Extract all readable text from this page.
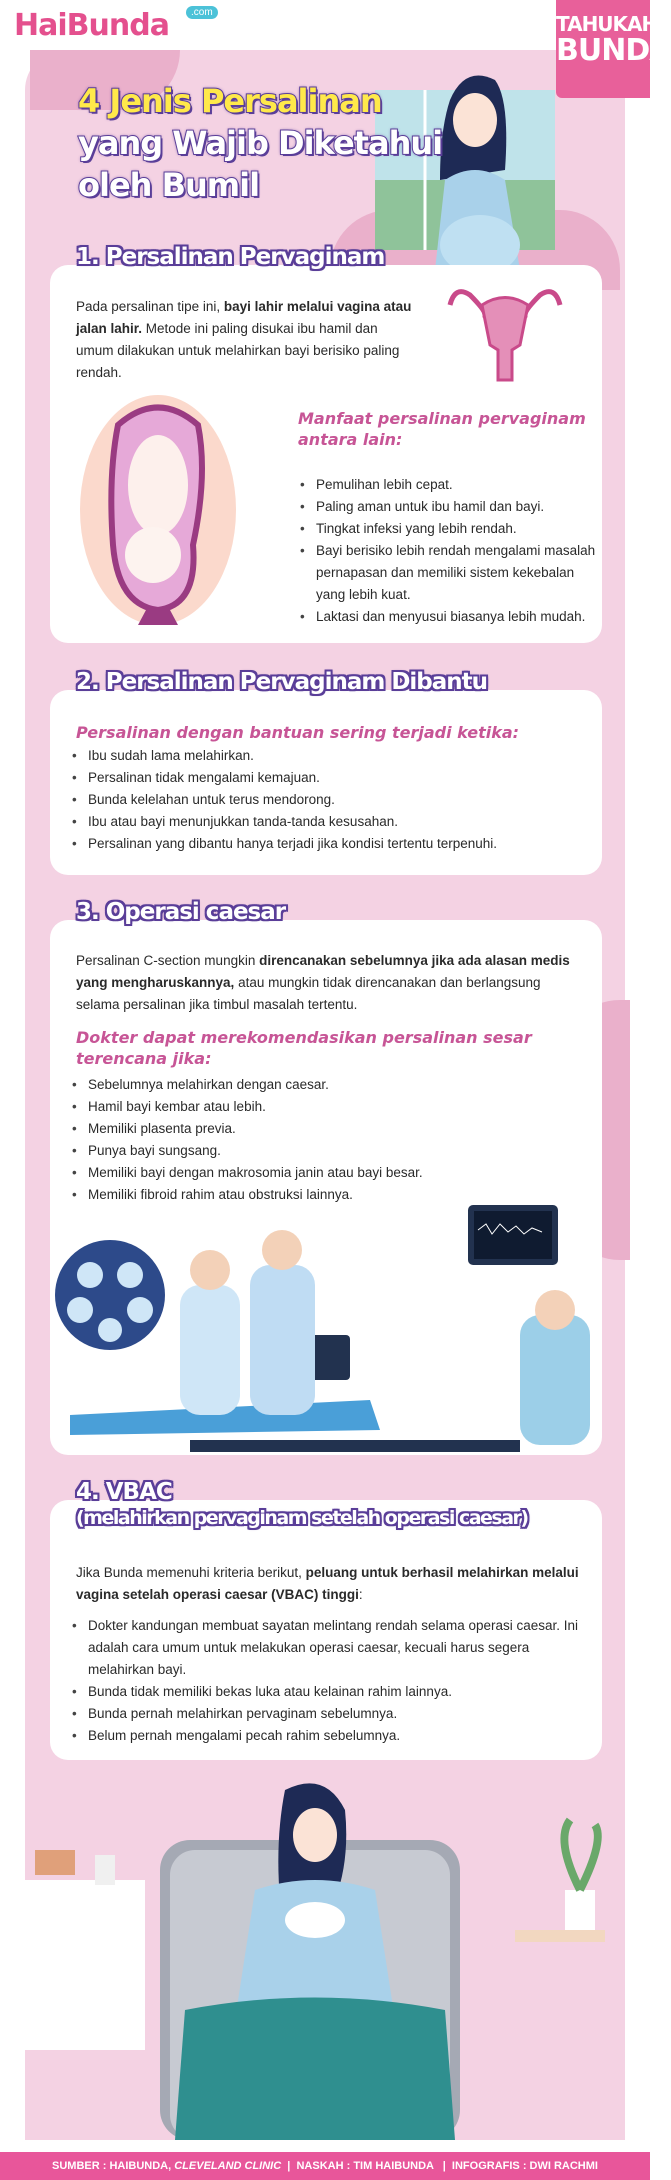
HaiBunda	.com	TAHUKAH
BUNDA
4 Jenis Persalinan
yang Wajib Diketahui
oleh Bumil
1. Persalinan Pervaginam

Pada persalinan tipe ini, bayi lahir melalui vagina atau jalan lahir. Metode ini paling disukai ibu hamil dan umum dilakukan untuk melahirkan bayi berisiko paling rendah.

Manfaat persalinan pervaginam antara lain:
• Pemulihan lebih cepat.
• Paling aman untuk ibu hamil dan bayi.
• Tingkat infeksi yang lebih rendah.
• Bayi berisiko lebih rendah mengalami masalah pernapasan dan memiliki sistem kekebalan yang lebih kuat.
• Laktasi dan menyusui biasanya lebih mudah.
2. Persalinan Pervaginam Dibantu
Persalinan dengan bantuan sering terjadi ketika:
• Ibu sudah lama melahirkan.
• Persalinan tidak mengalami kemajuan.
• Bunda kelelahan untuk terus mendorong.
• Ibu atau bayi menunjukkan tanda-tanda kesusahan.
• Persalinan yang dibantu hanya terjadi jika kondisi tertentu terpenuhi.
3. Operasi caesar

Persalinan C-section mungkin direncanakan sebelumnya jika ada alasan medis yang mengharuskannya, atau mungkin tidak direncanakan dan berlangsung selama persalinan jika timbul masalah tertentu.

Dokter dapat merekomendasikan persalinan sesar terencana jika:
• Sebelumnya melahirkan dengan caesar.
• Hamil bayi kembar atau lebih.
• Memiliki plasenta previa.
• Punya bayi sungsang.
• Memiliki bayi dengan makrosomia janin atau bayi besar.
• Memiliki fibroid rahim atau obstruksi lainnya.
4. VBAC
(melahirkan pervaginam setelah operasi caesar)

Jika Bunda memenuhi kriteria berikut, peluang untuk berhasil melahirkan melalui vagina setelah operasi caesar (VBAC) tinggi:

• Dokter kandungan membuat sayatan melintang rendah selama operasi caesar. Ini adalah cara umum untuk melakukan operasi caesar, kecuali harus segera melahirkan bayi.
• Bunda tidak memiliki bekas luka atau kelainan rahim lainnya.
• Bunda pernah melahirkan pervaginam sebelumnya.
• Belum pernah mengalami pecah rahim sebelumnya.
SUMBER : HAIBUNDA, CLEVELAND CLINIC  |  NASKAH : TIM HAIBUNDA   |  INFOGRAFIS : DWI RACHMI
